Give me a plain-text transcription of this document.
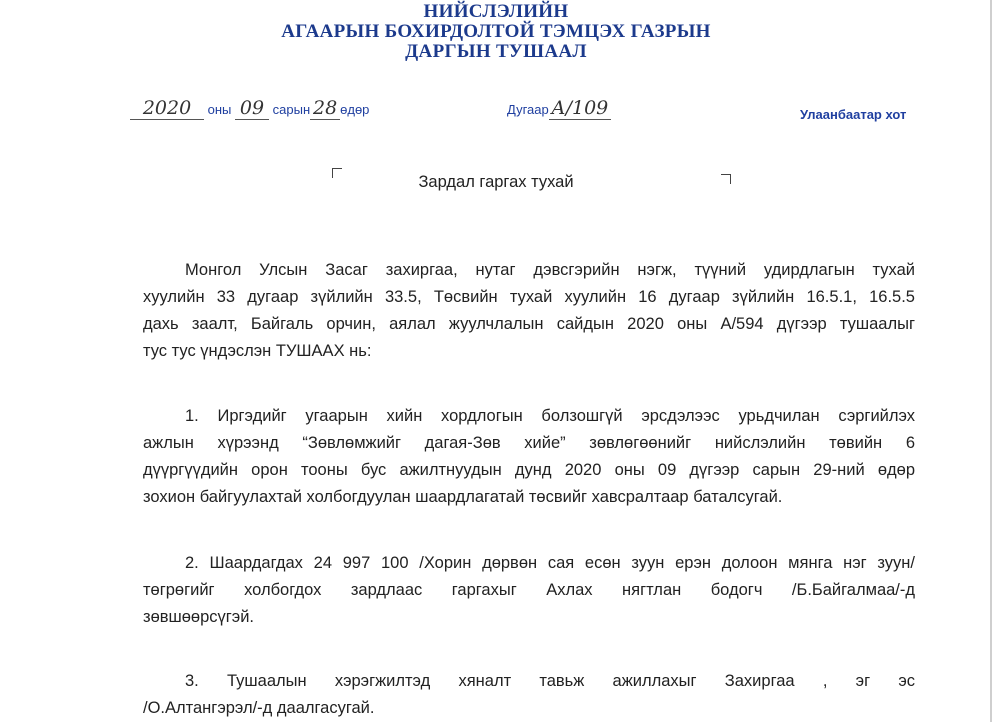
НИЙСЛЭЛИЙН
АГААРЫН БОХИРДОЛТОЙ ТЭМЦЭХ ГАЗРЫН
ДАРГЫН ТУШААЛ
2020 оны 09 сарын 28 өдөр	Дугаар А/109	Улаанбаатар хот
Зардал гаргах тухай
Монгол Улсын Засаг захиргаа, нутаг дэвсгэрийн нэгж, түүний удирдлагын тухай
хуулийн 33 дугаар зүйлийн 33.5, Төсвийн тухай хуулийн 16 дугаар зүйлийн 16.5.1, 16.5.5
дахь заалт, Байгаль орчин, аялал жуулчлалын сайдын 2020 оны А/594 дүгээр тушаалыг
тус тус үндэслэн ТУШААХ нь:
1. Иргэдийг угаарын хийн хордлогын болзошгүй эрсдэлээс урьдчилан сэргийлэх
ажлын хүрээнд “Зөвлөмжийг дагая-Зөв хийе” зөвлөгөөнийг нийслэлийн төвийн 6
дүүргүүдийн орон тооны бус ажилтнуудын дунд 2020 оны 09 дүгээр сарын 29-ний өдөр
зохион байгуулахтай холбогдуулан шаардлагатай төсвийг хавсралтаар баталсугай.
2. Шаардагдах 24 997 100 /Хорин дөрвөн сая есөн зуун ерэн долоон мянга нэг зуун/
төгрөгийг холбогдох зардлаас гаргахыг Ахлах нягтлан бодогч /Б.Байгалмаа/-д
зөвшөөрсүгэй.
3. Тушаалын хэрэгжилтэд хяналт тавьж ажиллахыг Захиргаа , эг эс
/О.Алтангэрэл/-д даалгасугай.
